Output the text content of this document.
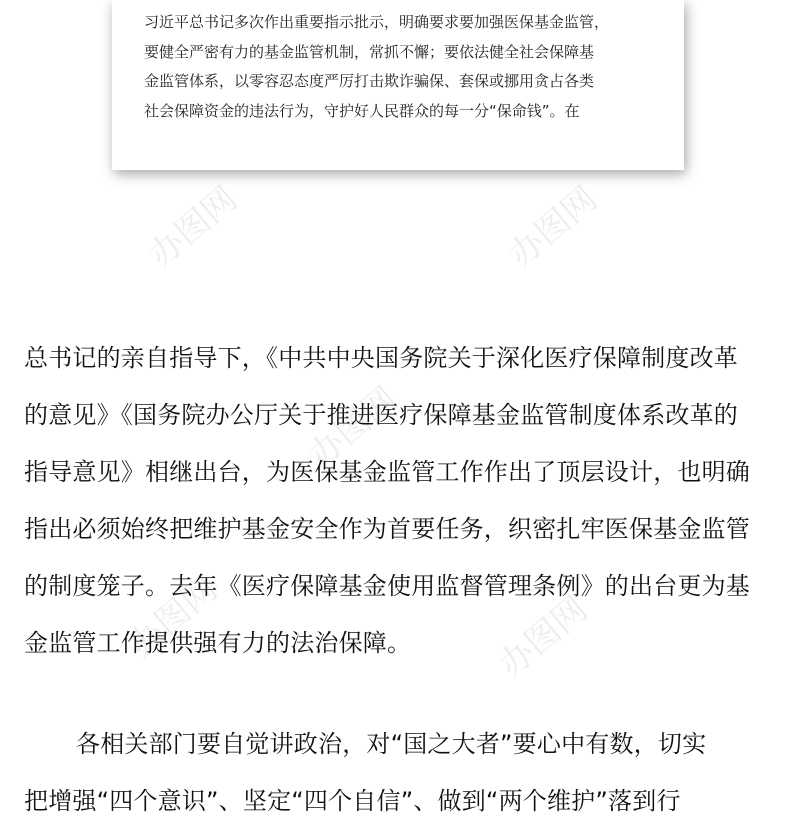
办图网	办图网
办图网
办图网	办图网
习近平总书记多次作出重要指示批示，明确要求要加强医保基金监管，
要健全严密有力的基金监管机制，常抓不懈；要依法健全社会保障基
金监管体系，以零容忍态度严厉打击欺诈骗保、套保或挪用贪占各类
社会保障资金的违法行为，守护好人民群众的每一分“保命钱”。在
总书记的亲自指导下，《中共中央国务院关于深化医疗保障制度改革
的意见》《国务院办公厅关于推进医疗保障基金监管制度体系改革的
指导意见》相继出台，为医保基金监管工作作出了顶层设计，也明确
指出必须始终把维护基金安全作为首要任务，织密扎牢医保基金监管
的制度笼子。去年《医疗保障基金使用监督管理条例》的出台更为基
金监管工作提供强有力的法治保障。
各相关部门要自觉讲政治，对“国之大者”要心中有数，切实
把增强“四个意识”、坚定“四个自信”、做到“两个维护”落到行
